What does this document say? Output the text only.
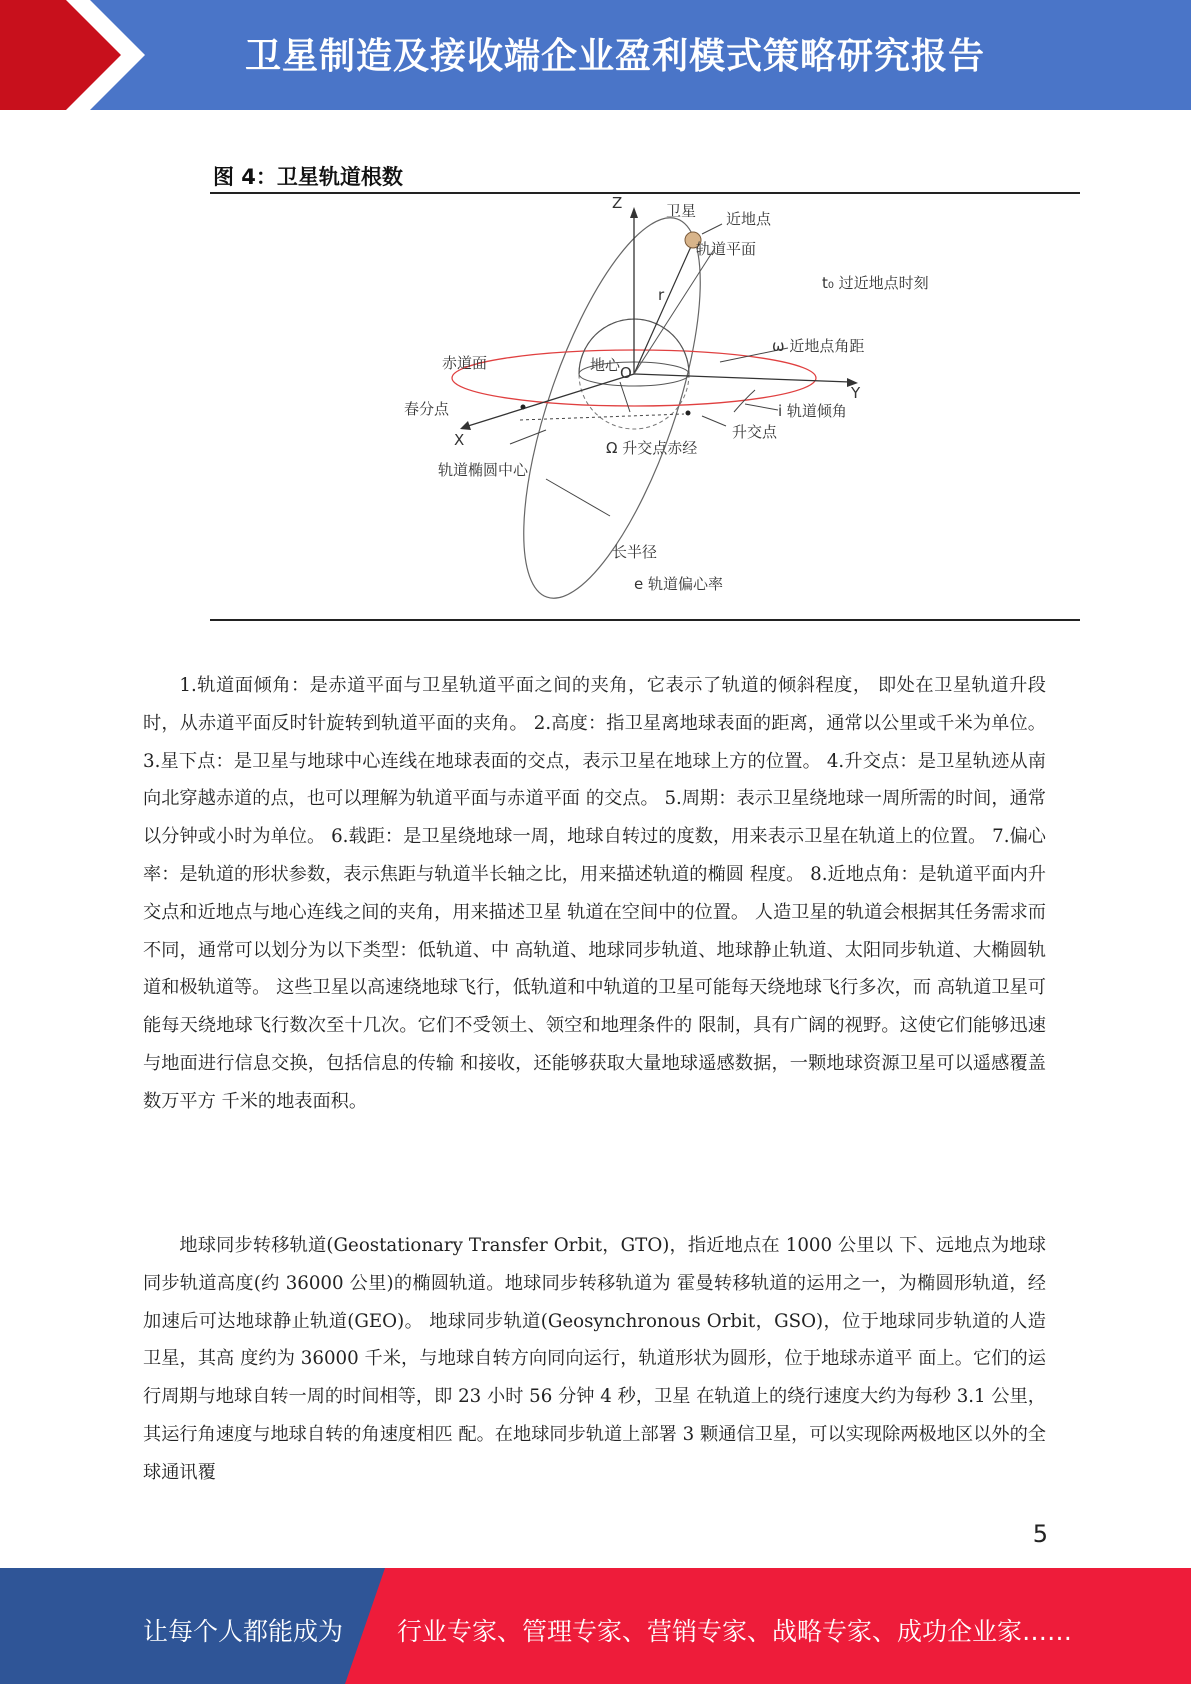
卫星制造及接收端企业盈利模式策略研究报告
图 4：卫星轨道根数
Z	卫星 近地点
轨道平面
t₀ 过近地点时刻
r
ω 近地点角距
赤道面	地心 O
Y
春分点	i 轨道倾角
X	升交点
Ω 升交点赤经
轨道椭圆中心
长半径
e 轨道偏心率

1.轨道面倾角：是赤道平面与卫星轨道平面之间的夹角，它表示了轨道的倾斜程度， 即处在卫星轨道升段时，从赤道平面反时针旋转到轨道平面的夹角。 2.高度：指卫星离地球表面的距离，通常以公里或千米为单位。 3.星下点：是卫星与地球中心连线在地球表面的交点，表示卫星在地球上方的位置。 4.升交点：是卫星轨迹从南向北穿越赤道的点，也可以理解为轨道平面与赤道平面 的交点。 5.周期：表示卫星绕地球一周所需的时间，通常以分钟或小时为单位。 6.载距：是卫星绕地球一周，地球自转过的度数，用来表示卫星在轨道上的位置。 7.偏心率：是轨道的形状参数，表示焦距与轨道半长轴之比，用来描述轨道的椭圆 程度。 8.近地点角：是轨道平面内升交点和近地点与地心连线之间的夹角，用来描述卫星 轨道在空间中的位置。 人造卫星的轨道会根据其任务需求而不同，通常可以划分为以下类型：低轨道、中 高轨道、地球同步轨道、地球静止轨道、太阳同步轨道、大椭圆轨道和极轨道等。 这些卫星以高速绕地球飞行，低轨道和中轨道的卫星可能每天绕地球飞行多次，而 高轨道卫星可能每天绕地球飞行数次至十几次。它们不受领土、领空和地理条件的 限制，具有广阔的视野。这使它们能够迅速与地面进行信息交换，包括信息的传输 和接收，还能够获取大量地球遥感数据，一颗地球资源卫星可以遥感覆盖数万平方 千米的地表面积。

地球同步转移轨道(Geostationary Transfer Orbit，GTO)，指近地点在 1000 公里以 下、远地点为地球同步轨道高度(约 36000 公里)的椭圆轨道。地球同步转移轨道为 霍曼转移轨道的运用之一，为椭圆形轨道，经加速后可达地球静止轨道(GEO)。 地球同步轨道(Geosynchronous Orbit，GSO)，位于地球同步轨道的人造卫星，其高 度约为 36000 千米，与地球自转方向同向运行，轨道形状为圆形，位于地球赤道平 面上。它们的运行周期与地球自转一周的时间相等，即 23 小时 56 分钟 4 秒，卫星 在轨道上的绕行速度大约为每秒 3.1 公里，其运行角速度与地球自转的角速度相匹 配。在地球同步轨道上部署 3 颗通信卫星，可以实现除两极地区以外的全球通讯覆

5
让每个人都能成为 行业专家、管理专家、营销专家、战略专家、成功企业家……
